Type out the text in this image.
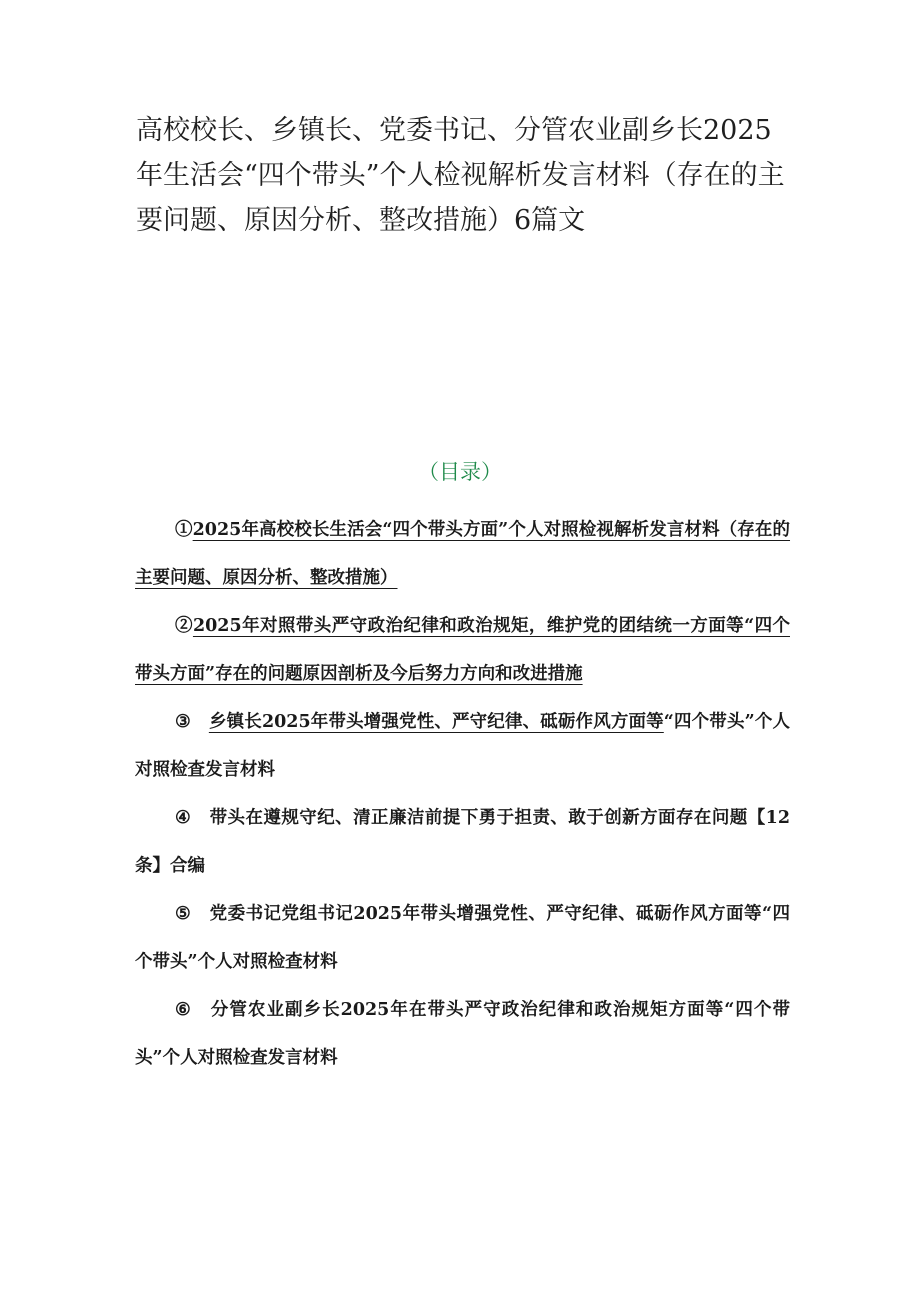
高校校长、乡镇长、党委书记、分管农业副乡长2025年生活会“四个带头”个人检视解析发言材料（存在的主要问题、原因分析、整改措施）6篇文
（目录）
①2025年高校校长生活会“四个带头方面”个人对照检视解析发言材料（存在的主要问题、原因分析、整改措施）
②2025年对照带头严守政治纪律和政治规矩，维护党的团结统一方面等“四个带头方面”存在的问题原因剖析及今后努力方向和改进措施
③ 乡镇长2025年带头增强党性、严守纪律、砥砺作风方面等“四个带头”个人对照检查发言材料
④ 带头在遵规守纪、清正廉洁前提下勇于担责、敢于创新方面存在问题【12条】合编
⑤ 党委书记党组书记2025年带头增强党性、严守纪律、砥砺作风方面等“四个带头”个人对照检查材料
⑥ 分管农业副乡长2025年在带头严守政治纪律和政治规矩方面等“四个带头”个人对照检查发言材料
